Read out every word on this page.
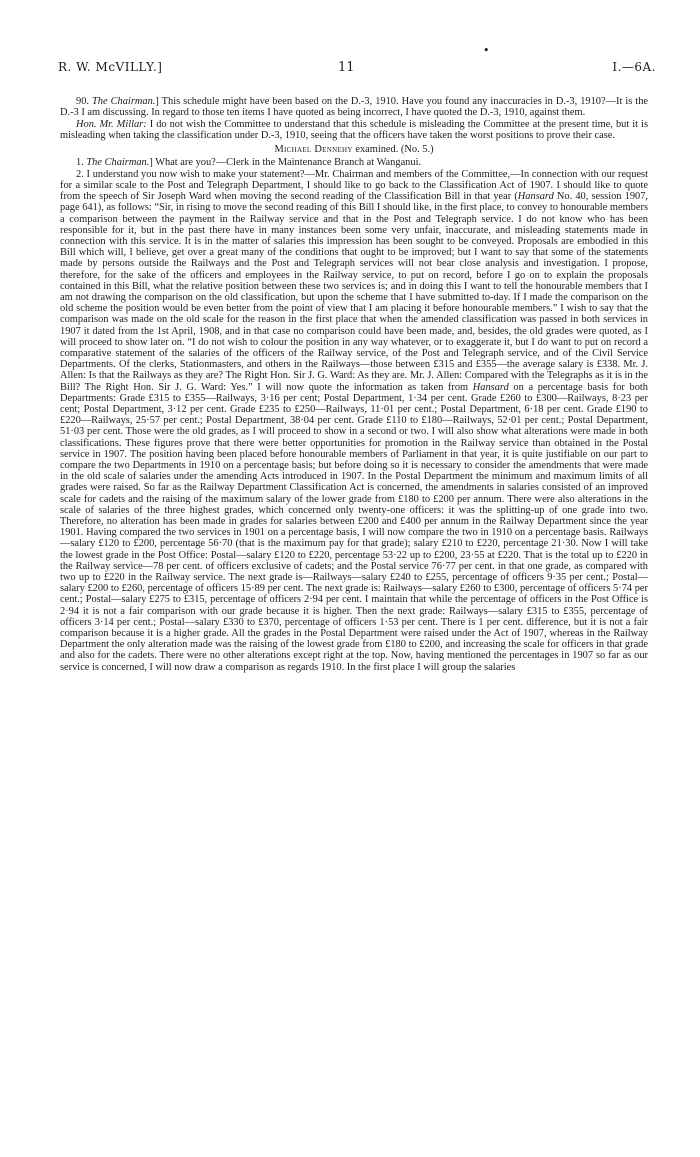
•
R. W. McVILLY.]	11	I.—6A.

90. The Chairman.] This schedule might have been based on the D.-3, 1910. Have you found any inaccuracies in D.-3, 1910?—It is the D.-3 I am discussing. In regard to those ten items I have quoted as being incorrect, I have quoted the D.-3, 1910, against them.

Hon. Mr. Millar: I do not wish the Committee to understand that this schedule is misleading the Committee at the present time, but it is misleading when taking the classification under D.-3, 1910, seeing that the officers have taken the worst positions to prove their case.

Michael Dennehy examined. (No. 5.)

1. The Chairman.] What are you?—Clerk in the Maintenance Branch at Wanganui.

2. I understand you now wish to make your statement?—Mr. Chairman and members of the Committee,—In connection with our request for a similar scale to the Post and Telegraph Department, I should like to go back to the Classification Act of 1907. I should like to quote from the speech of Sir Joseph Ward when moving the second reading of the Classification Bill in that year (Hansard No. 40, session 1907, page 641), as follows: “Sir, in rising to move the second reading of this Bill I should like, in the first place, to convey to honourable members a comparison between the payment in the Railway service and that in the Post and Telegraph service. I do not know who has been responsible for it, but in the past there have in many instances been some very unfair, inaccurate, and misleading statements made in connection with this service. It is in the matter of salaries this impression has been sought to be conveyed. Proposals are embodied in this Bill which will, I believe, get over a great many of the conditions that ought to be improved; but I want to say that some of the statements made by persons outside the Railways and the Post and Telegraph services will not bear close analysis and investigation. I propose, therefore, for the sake of the officers and employees in the Railway service, to put on record, before I go on to explain the proposals contained in this Bill, what the relative position between these two services is; and in doing this I want to tell the honourable members that I am not drawing the comparison on the old classification, but upon the scheme that I have submitted to-day. If I made the comparison on the old scheme the position would be even better from the point of view that I am placing it before honourable members.” I wish to say that the comparison was made on the old scale for the reason in the first place that when the amended classification was passed in both services in 1907 it dated from the 1st April, 1908, and in that case no comparison could have been made, and, besides, the old grades were quoted, as I will proceed to show later on. “I do not wish to colour the position in any way whatever, or to exaggerate it, but I do want to put on record a comparative statement of the salaries of the officers of the Railway service, of the Post and Telegraph service, and of the Civil Service Departments. Of the clerks, Stationmasters, and others in the Railways—those between £315 and £355—the average salary is £338. Mr. J. Allen: Is that the Railways as they are? The Right Hon. Sir J. G. Ward: As they are. Mr. J. Allen: Compared with the Telegraphs as it is in the Bill? The Right Hon. Sir J. G. Ward: Yes.” I will now quote the information as taken from Hansard on a percentage basis for both Departments: Grade £315 to £355—Railways, 3·16 per cent; Postal Department, 1·34 per cent. Grade £260 to £300—Railways, 8·23 per cent; Postal Department, 3·12 per cent. Grade £235 to £250—Railways, 11·01 per cent.; Postal Department, 6·18 per cent. Grade £190 to £220—Railways, 25·57 per cent.; Postal Department, 38·04 per cent. Grade £110 to £180—Railways, 52·01 per cent.; Postal Department, 51·03 per cent. Those were the old grades, as I will proceed to show in a second or two. I will also show what alterations were made in both classifications. These figures prove that there were better opportunities for promotion in the Railway service than obtained in the Postal service in 1907. The position having been placed before honourable members of Parliament in that year, it is quite justifiable on our part to compare the two Departments in 1910 on a percentage basis; but before doing so it is necessary to consider the amendments that were made in the old scale of salaries under the amending Acts introduced in 1907. In the Postal Department the minimum and maximum limits of all grades were raised. So far as the Railway Department Classification Act is concerned, the amendments in salaries consisted of an improved scale for cadets and the raising of the maximum salary of the lower grade from £180 to £200 per annum. There were also alterations in the scale of salaries of the three highest grades, which concerned only twenty-one officers: it was the splitting-up of one grade into two. Therefore, no alteration has been made in grades for salaries between £200 and £400 per annum in the Railway Department since the year 1901. Having compared the two services in 1901 on a percentage basis, I will now compare the two in 1910 on a percentage basis. Railways—salary £120 to £200, percentage 56·70 (that is the maximum pay for that grade); salary £210 to £220, percentage 21·30. Now I will take the lowest grade in the Post Office: Postal—salary £120 to £220, percentage 53·22 up to £200, 23·55 at £220. That is the total up to £220 in the Railway service—78 per cent. of officers exclusive of cadets; and the Postal service 76·77 per cent. in that one grade, as compared with two up to £220 in the Railway service. The next grade is—Railways—salary £240 to £255, percentage of officers 9·35 per cent.; Postal—salary £200 to £260, percentage of officers 15·89 per cent. The next grade is: Railways—salary £260 to £300, percentage of officers 5·74 per cent.; Postal—salary £275 to £315, percentage of officers 2·94 per cent. I maintain that while the percentage of officers in the Post Office is 2·94 it is not a fair comparison with our grade because it is higher. Then the next grade: Railways—salary £315 to £355, percentage of officers 3·14 per cent.; Postal—salary £330 to £370, percentage of officers 1·53 per cent. There is 1 per cent. difference, but it is not a fair comparison because it is a higher grade. All the grades in the Postal Department were raised under the Act of 1907, whereas in the Railway Department the only alteration made was the raising of the lowest grade from £180 to £200, and increasing the scale for officers in that grade and also for the cadets. There were no other alterations except right at the top. Now, having mentioned the percentages in 1907 so far as our service is concerned, I will now draw a comparison as regards 1910. In the first place I will group the salaries
